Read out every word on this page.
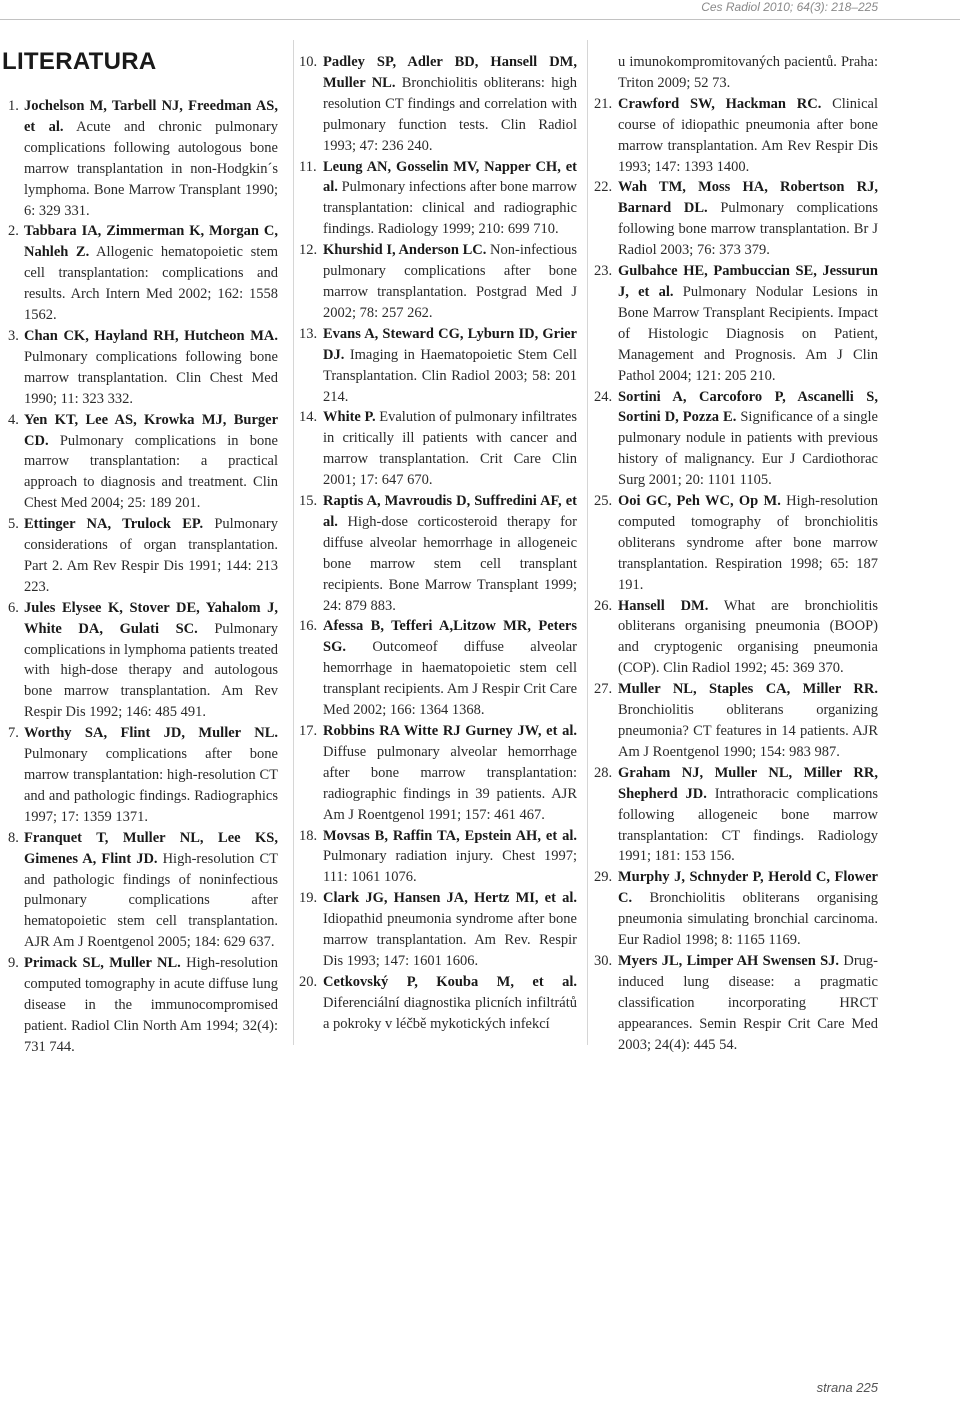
Ces Radiol 2010; 64(3): 218–225
LITERATURA
1. Jochelson M, Tarbell NJ, Freedman AS, et al. Acute and chronic pulmonary complications following autologous bone marrow transplantation in non-Hodgkin´s lymphoma. Bone Marrow Transplant 1990; 6: 329 331.
2. Tabbara IA, Zimmerman K, Morgan C, Nahleh Z. Allogenic hematopoietic stem cell transplantation: complications and results. Arch Intern Med 2002; 162: 1558 1562.
3. Chan CK, Hayland RH, Hutcheon MA. Pulmonary complications following bone marrow transplantation. Clin Chest Med 1990; 11: 323 332.
4. Yen KT, Lee AS, Krowka MJ, Burger CD. Pulmonary complications in bone marrow transplantation: a practical approach to diagnosis and treatment. Clin Chest Med 2004; 25: 189 201.
5. Ettinger NA, Trulock EP. Pulmonary considerations of organ transplantation. Part 2. Am Rev Respir Dis 1991; 144: 213 223.
6. Jules Elysee K, Stover DE, Yahalom J, White DA, Gulati SC. Pulmonary complications in lymphoma patients treated with high-dose therapy and autologous bone marrow transplantation. Am Rev Respir Dis 1992; 146: 485 491.
7. Worthy SA, Flint JD, Muller NL. Pulmonary complications after bone marrow transplantation: high-resolution CT and and pathologic findings. Radiographics 1997; 17: 1359 1371.
8. Franquet T, Muller NL, Lee KS, Gimenes A, Flint JD. High-resolution CT and pathologic findings of noninfectious pulmonary complications after hematopoietic stem cell transplantation. AJR Am J Roentgenol 2005; 184: 629 637.
9. Primack SL, Muller NL. High-resolution computed tomography in acute diffuse lung disease in the immunocompromised patient. Radiol Clin North Am 1994; 32(4): 731 744.
10. Padley SP, Adler BD, Hansell DM, Muller NL. Bronchiolitis obliterans: high resolution CT findings and correlation with pulmonary function tests. Clin Radiol 1993; 47: 236 240.
11. Leung AN, Gosselin MV, Napper CH, et al. Pulmonary infections after bone marrow transplantation: clinical and radiographic findings. Radiology 1999; 210: 699 710.
12. Khurshid I, Anderson LC. Non-infectious pulmonary complications after bone marrow transplantation. Postgrad Med J 2002; 78: 257 262.
13. Evans A, Steward CG, Lyburn ID, Grier DJ. Imaging in Haematopoietic Stem Cell Transplantation. Clin Radiol 2003; 58: 201 214.
14. White P. Evalution of pulmonary infiltrates in critically ill patients with cancer and marrow transplantation. Crit Care Clin 2001; 17: 647 670.
15. Raptis A, Mavroudis D, Suffredini AF, et al. High-dose corticosteroid therapy for diffuse alveolar hemorrhage in allogeneic bone marrow stem cell transplant recipients. Bone Marrow Transplant 1999; 24: 879 883.
16. Afessa B, Tefferi A,Litzow MR, Peters SG. Outcomeof diffuse alveolar hemorrhage in haematopoietic stem cell transplant recipients. Am J Respir Crit Care Med 2002; 166: 1364 1368.
17. Robbins RA Witte RJ Gurney JW, et al. Diffuse pulmonary alveolar hemorrhage after bone marrow transplantation: radiographic findings in 39 patients. AJR Am J Roentgenol 1991; 157: 461 467.
18. Movsas B, Raffin TA, Epstein AH, et al. Pulmonary radiation injury. Chest 1997; 111: 1061 1076.
19. Clark JG, Hansen JA, Hertz MI, et al. Idiopathid pneumonia syndrome after bone marrow transplantation. Am Rev. Respir Dis 1993; 147: 1601 1606.
20. Cetkovský P, Kouba M, et al. Diferenciální diagnostika plicních infiltrátů a pokroky v léčbě mykotických infekcí

u imunokompromitovaných pacientů. Praha: Triton 2009; 52 73.

21. Crawford SW, Hackman RC. Clinical course of idiopathic pneumonia after bone marrow transplantation. Am Rev Respir Dis 1993; 147: 1393 1400.
22. Wah TM, Moss HA, Robertson RJ, Barnard DL. Pulmonary complications following bone marrow transplantation. Br J Radiol 2003; 76: 373 379.
23. Gulbahce HE, Pambuccian SE, Jessurun J, et al. Pulmonary Nodular Lesions in Bone Marrow Transplant Recipients. Impact of Histologic Diagnosis on Patient, Management and Prognosis. Am J Clin Pathol 2004; 121: 205 210.
24. Sortini A, Carcoforo P, Ascanelli S, Sortini D, Pozza E. Significance of a single pulmonary nodule in patients with previous history of malignancy. Eur J Cardiothorac Surg 2001; 20: 1101 1105.
25. Ooi GC, Peh WC, Op M. High-resolution computed tomography of bronchiolitis obliterans syndrome after bone marrow transplantation. Respiration 1998; 65: 187 191.
26. Hansell DM. What are bronchiolitis obliterans organising pneumonia (BOOP) and cryptogenic organising pneumonia (COP). Clin Radiol 1992; 45: 369 370.
27. Muller NL, Staples CA, Miller RR. Bronchiolitis obliterans organizing pneumonia? CT features in 14 patients. AJR Am J Roentgenol 1990; 154: 983 987.
28. Graham NJ, Muller NL, Miller RR, Shepherd JD. Intrathoracic complications following allogeneic bone marrow transplantation: CT findings. Radiology 1991; 181: 153 156.
29. Murphy J, Schnyder P, Herold C, Flower C. Bronchiolitis obliterans organising pneumonia simulating bronchial carcinoma. Eur Radiol 1998; 8: 1165 1169.
30. Myers JL, Limper AH Swensen SJ. Drug-induced lung disease: a pragmatic classification incorporating HRCT appearances. Semin Respir Crit Care Med 2003; 24(4): 445 54.
strana 225
